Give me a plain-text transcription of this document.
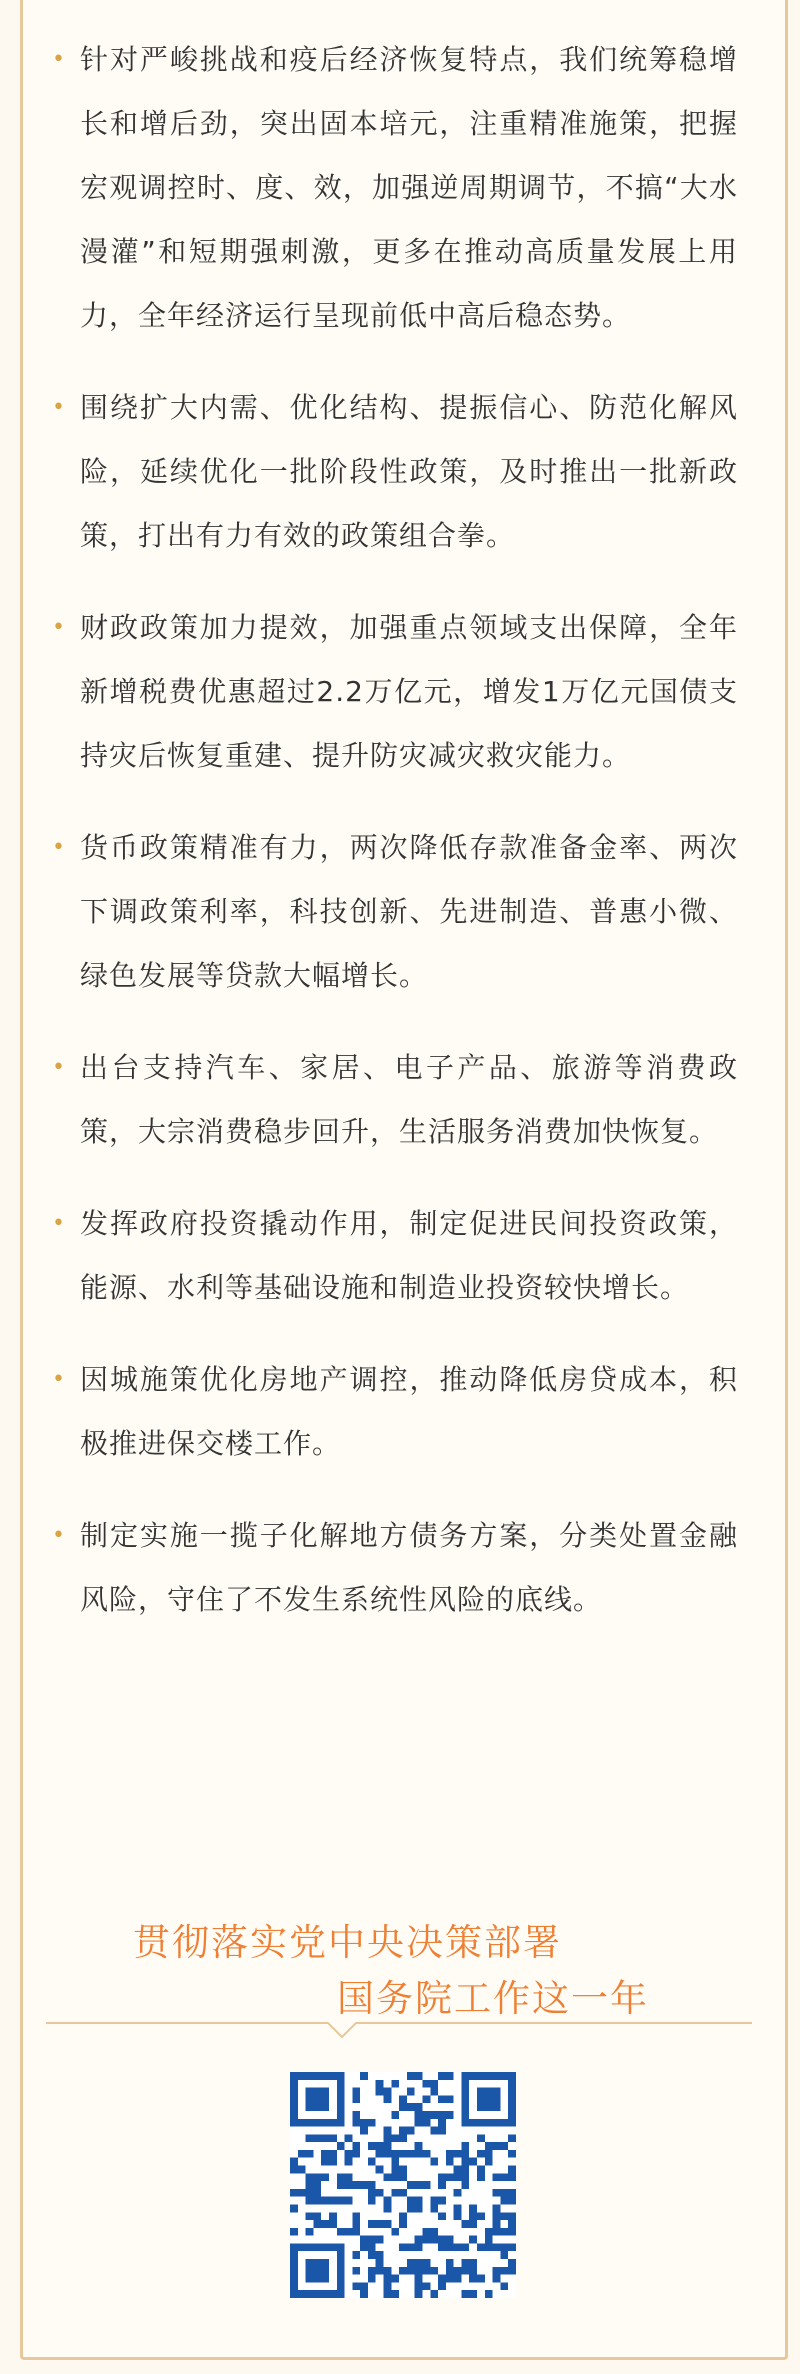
• 针对严峻挑战和疫后经济恢复特点，我们统筹稳增长和增后劲，突出固本培元，注重精准施策，把握宏观调控时、度、效，加强逆周期调节，不搞“大水漫灌”和短期强刺激，更多在推动高质量发展上用力，全年经济运行呈现前低中高后稳态势。
• 围绕扩大内需、优化结构、提振信心、防范化解风险，延续优化一批阶段性政策，及时推出一批新政策，打出有力有效的政策组合拳。
• 财政政策加力提效，加强重点领域支出保障，全年新增税费优惠超过2.2万亿元，增发1万亿元国债支持灾后恢复重建、提升防灾减灾救灾能力。
• 货币政策精准有力，两次降低存款准备金率、两次下调政策利率，科技创新、先进制造、普惠小微、绿色发展等贷款大幅增长。
• 出台支持汽车、家居、电子产品、旅游等消费政策，大宗消费稳步回升，生活服务消费加快恢复。
• 发挥政府投资撬动作用，制定促进民间投资政策，能源、水利等基础设施和制造业投资较快增长。
• 因城施策优化房地产调控，推动降低房贷成本，积极推进保交楼工作。
• 制定实施一揽子化解地方债务方案，分类处置金融风险，守住了不发生系统性风险的底线。
贯彻落实党中央决策部署
国务院工作这一年
